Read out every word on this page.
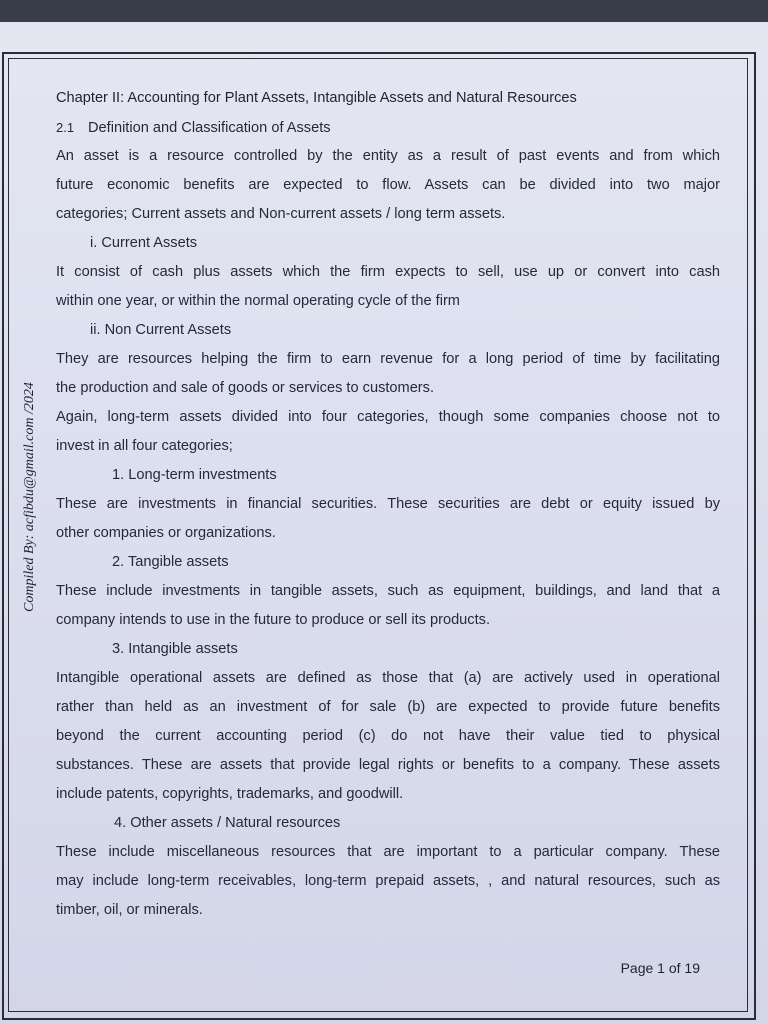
Compiled By: acfibdu@gmail.com /2024
Chapter II: Accounting for Plant Assets, Intangible Assets and Natural Resources
2.1 Definition and Classification of Assets
An asset is a resource controlled by the entity as a result of past events and from which
future economic benefits are expected to flow. Assets can be divided into two major
categories; Current assets and Non-current assets / long term assets.
i. Current Assets
It consist of cash plus assets which the firm expects to sell, use up or convert into cash
within one year, or within the normal operating cycle of the firm
ii. Non Current Assets
They are resources helping the firm to earn revenue for a long period of time by facilitating
the production and sale of goods or services to customers.
Again, long-term assets divided into four categories, though some companies choose not to
invest in all four categories;
1. Long-term investments
These are investments in financial securities. These securities are debt or equity issued by
other companies or organizations.
2. Tangible assets
These include investments in tangible assets, such as equipment, buildings, and land that a
company intends to use in the future to produce or sell its products.
3. Intangible assets
Intangible operational assets are defined as those that (a) are actively used in operational
rather than held as an investment of for sale (b) are expected to provide future benefits
beyond the current accounting period (c) do not have their value tied to physical
substances. These are assets that provide legal rights or benefits to a company. These assets
include patents, copyrights, trademarks, and goodwill.
4. Other assets / Natural resources
These include miscellaneous resources that are important to a particular company. These
may include long-term receivables, long-term prepaid assets, , and natural resources, such as
timber, oil, or minerals.
Page 1 of 19
